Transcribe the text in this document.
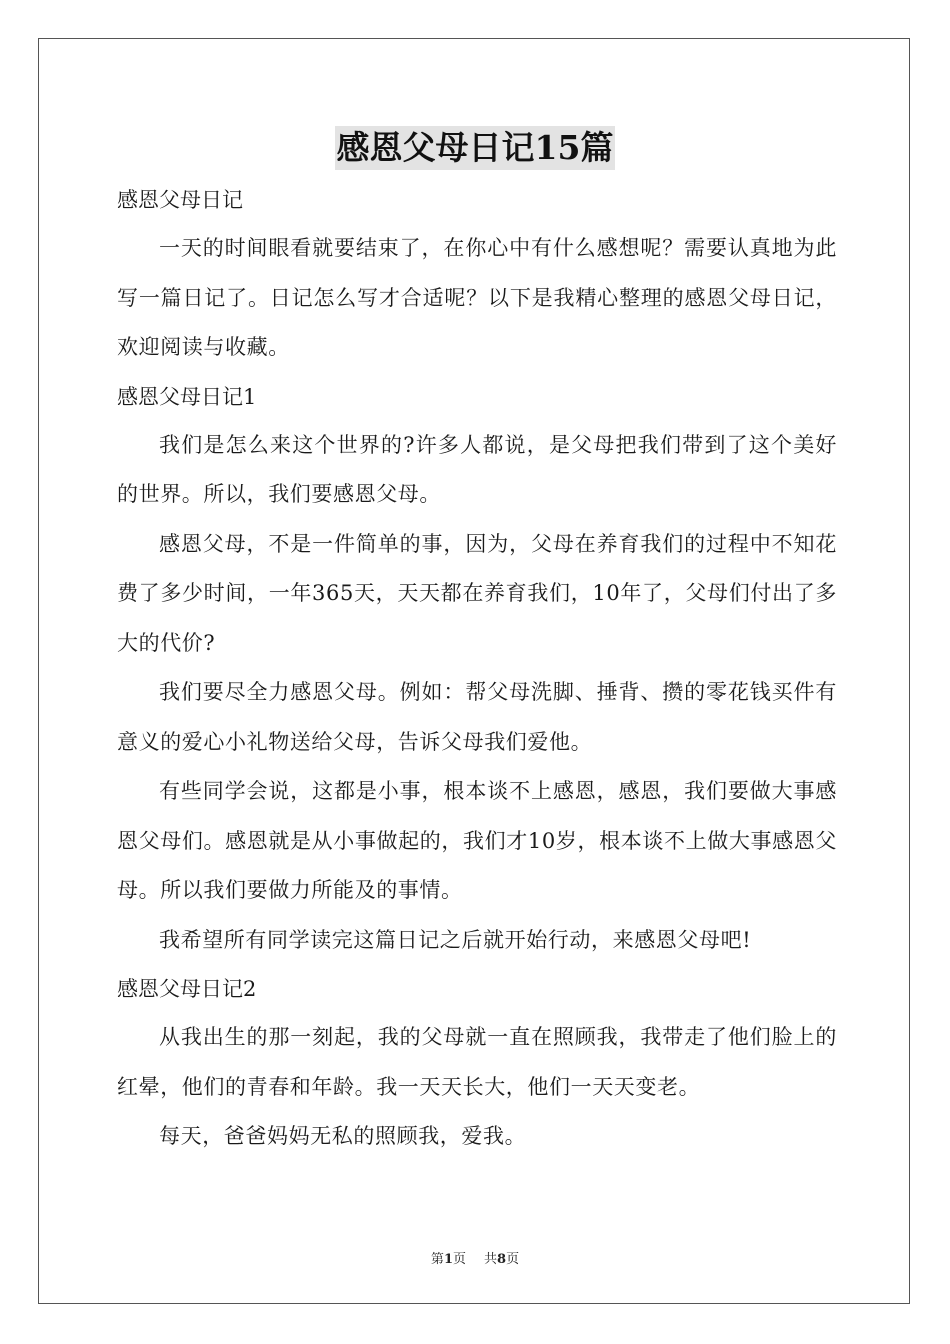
感恩父母日记15篇
感恩父母日记

一天的时间眼看就要结束了，在你心中有什么感想呢？需要认真地为此写一篇日记了。日记怎么写才合适呢？以下是我精心整理的感恩父母日记，欢迎阅读与收藏。

感恩父母日记1

我们是怎么来这个世界的?许多人都说，是父母把我们带到了这个美好的世界。所以，我们要感恩父母。

感恩父母，不是一件简单的事，因为，父母在养育我们的过程中不知花费了多少时间，一年365天，天天都在养育我们，10年了，父母们付出了多大的代价?

我们要尽全力感恩父母。例如：帮父母洗脚、捶背、攒的零花钱买件有意义的爱心小礼物送给父母，告诉父母我们爱他。

有些同学会说，这都是小事，根本谈不上感恩，感恩，我们要做大事感恩父母们。感恩就是从小事做起的，我们才10岁，根本谈不上做大事感恩父母。所以我们要做力所能及的事情。

我希望所有同学读完这篇日记之后就开始行动，来感恩父母吧!

感恩父母日记2

从我出生的那一刻起，我的父母就一直在照顾我，我带走了他们脸上的红晕，他们的青春和年龄。我一天天长大，他们一天天变老。

每天，爸爸妈妈无私的照顾我，爱我。

第1页 共8页
